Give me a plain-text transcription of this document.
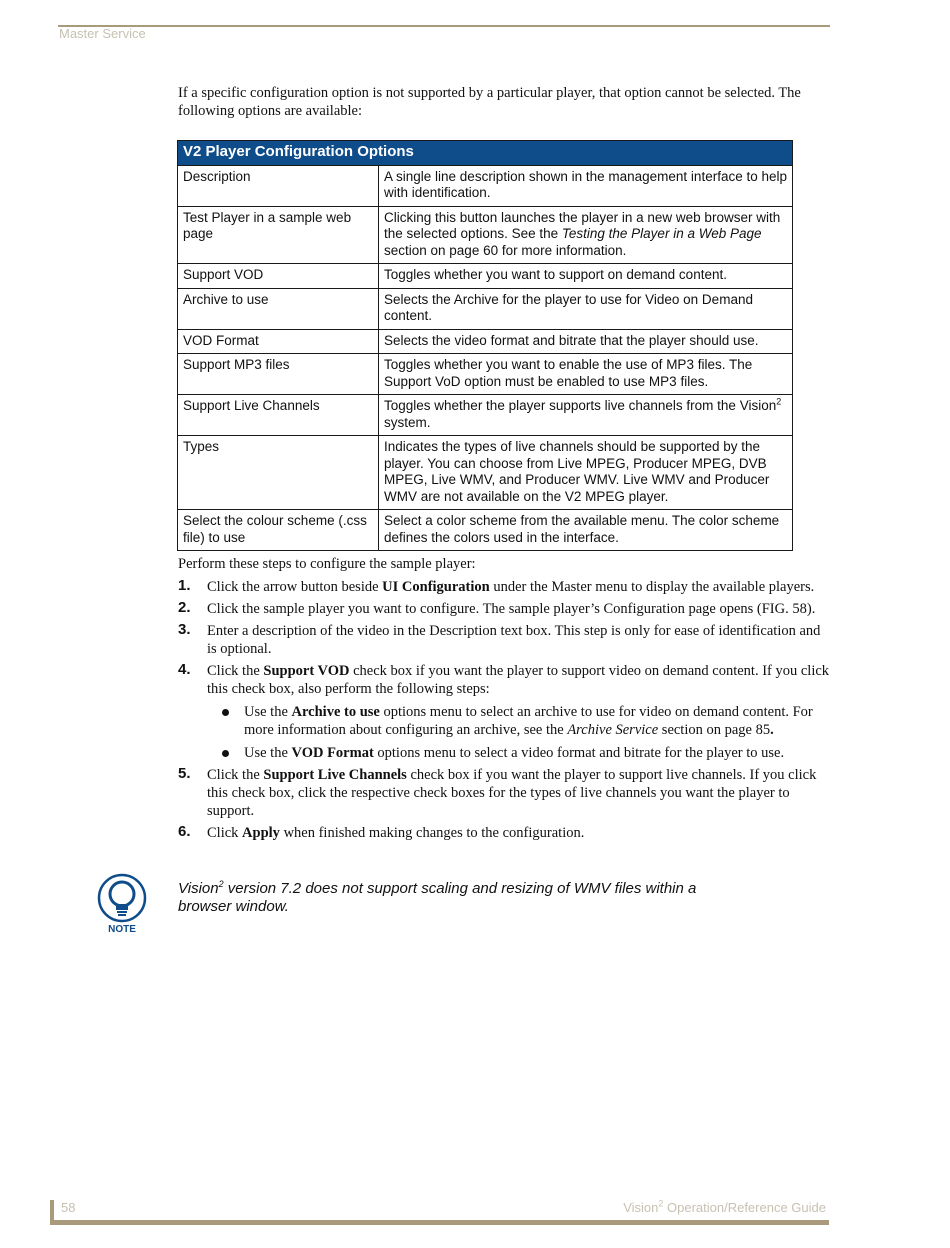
Master Service

If a specific configuration option is not supported by a particular player, that option cannot be selected. The following options are available:

V2 Player Configuration Options	
Description	A single line description shown in the management interface to help with identification.
Test Player in a sample web page	Clicking this button launches the player in a new web browser with the selected options. See the Testing the Player in a Web Page section on page 60 for more information.
Support VOD	Toggles whether you want to support on demand content.
Archive to use	Selects the Archive for the player to use for Video on Demand content.
VOD Format	Selects the video format and bitrate that the player should use.
Support MP3 files	Toggles whether you want to enable the use of MP3 files. The Support VoD option must be enabled to use MP3 files.
Support Live Channels	Toggles whether the player supports live channels from the Vision$^2$ system.
Types	Indicates the types of live channels should be supported by the player. You can choose from Live MPEG, Producer MPEG, DVB MPEG, Live WMV, and Producer WMV. Live WMV and Producer WMV are not available on the V2 MPEG player.
Select the colour scheme (.css file) to use	Select a color scheme from the available menu. The color scheme defines the colors used in the interface.
Perform these steps to configure the sample player:
1. Click the arrow button beside UI Configuration under the Master menu to display the available players.
2. Click the sample player you want to configure. The sample player’s Configuration page opens (FIG. 58).
3. Enter a description of the video in the Description text box. This step is only for ease of identification and is optional.
4. Click the Support VOD check box if you want the player to support video on demand content. If you click this check box, also perform the following steps:
Use the Archive to use options menu to select an archive to use for video on demand content. For more information about configuring an archive, see the Archive Service section on page 85.
Use the VOD Format options menu to select a video format and bitrate for the player to use.
5. Click the Support Live Channels check box if you want the player to support live channels. If you click this check box, click the respective check boxes for the types of live channels you want the player to support.
6. Click Apply when finished making changes to the configuration.
NOTE
Vision$^2$ version 7.2 does not support scaling and resizing of WMV files within a browser window.
58	Vision$^2$ Operation/Reference Guide
